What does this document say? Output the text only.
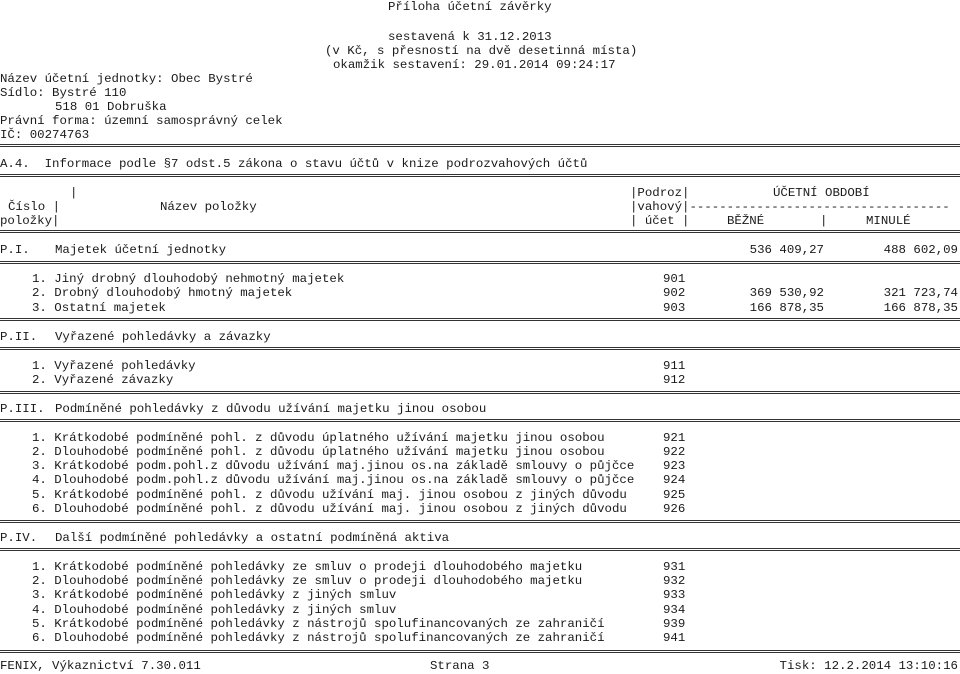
Příloha účetní závěrky
sestavená k 31.12.2013
(v Kč, s přesností na dvě desetinná místa)
okamžik sestavení: 29.01.2014 09:24:17
Název účetní jednotky: Obec Bystré
Sídlo: Bystré 110
518 01 Dobruška
Právní forma: územní samosprávný celek
IČ: 00274763
A.4.  Informace podle §7 odst.5 zákona o stavu účtů v knize podrozvahových účtů
|	|Podroz|	ÚČETNÍ OBDOBÍ
Číslo |	Název položky	|vahový|-----------------------------------
položky|	| účet |	BĚŽNÉ	|	MINULÉ
P.I. Majetek účetní jednotky	536 409,27	488 602,09
1. Jiný drobný dlouhodobý nehmotný majetek	901
2. Drobný dlouhodobý hmotný majetek	902	369 530,92	321 723,74
3. Ostatní majetek	903	166 878,35	166 878,35
P.II. Vyřazené pohledávky a závazky
1. Vyřazené pohledávky	911
2. Vyřazené závazky	912
P.III. Podmíněné pohledávky z důvodu užívání majetku jinou osobou
1. Krátkodobé podmíněné pohl. z důvodu úplatného užívání majetku jinou osobou	921
2. Dlouhodobé podmíněné pohl. z důvodu úplatného užívání majetku jinou osobou	922
3. Krátkodobé podm.pohl.z důvodu užívání maj.jinou os.na základě smlouvy o půjčce 923
4. Dlouhodobé podm.pohl.z důvodu užívání maj.jinou os.na základě smlouvy o půjčce 924
5. Krátkodobé podmíněné pohl. z důvodu užívání maj. jinou osobou z jiných důvodu	925
6. Dlouhodobé podmíněné pohl. z důvodu užívání maj. jinou osobou z jiných důvodu	926
P.IV. Další podmíněné pohledávky a ostatní podmíněná aktiva
1. Krátkodobé podmíněné pohledávky ze smluv o prodeji dlouhodobého majetku	931
2. Dlouhodobé podmíněné pohledávky ze smluv o prodeji dlouhodobého majetku	932
3. Krátkodobé podmíněné pohledávky z jiných smluv	933
4. Dlouhodobé podmíněné pohledávky z jiných smluv	934
5. Krátkodobé podmíněné pohledávky z nástrojů spolufinancovaných ze zahraničí	939
6. Dlouhodobé podmíněné pohledávky z nástrojů spolufinancovaných ze zahraničí	941
FENIX, Výkaznictví 7.30.011	Strana 3	Tisk: 12.2.2014 13:10:16
